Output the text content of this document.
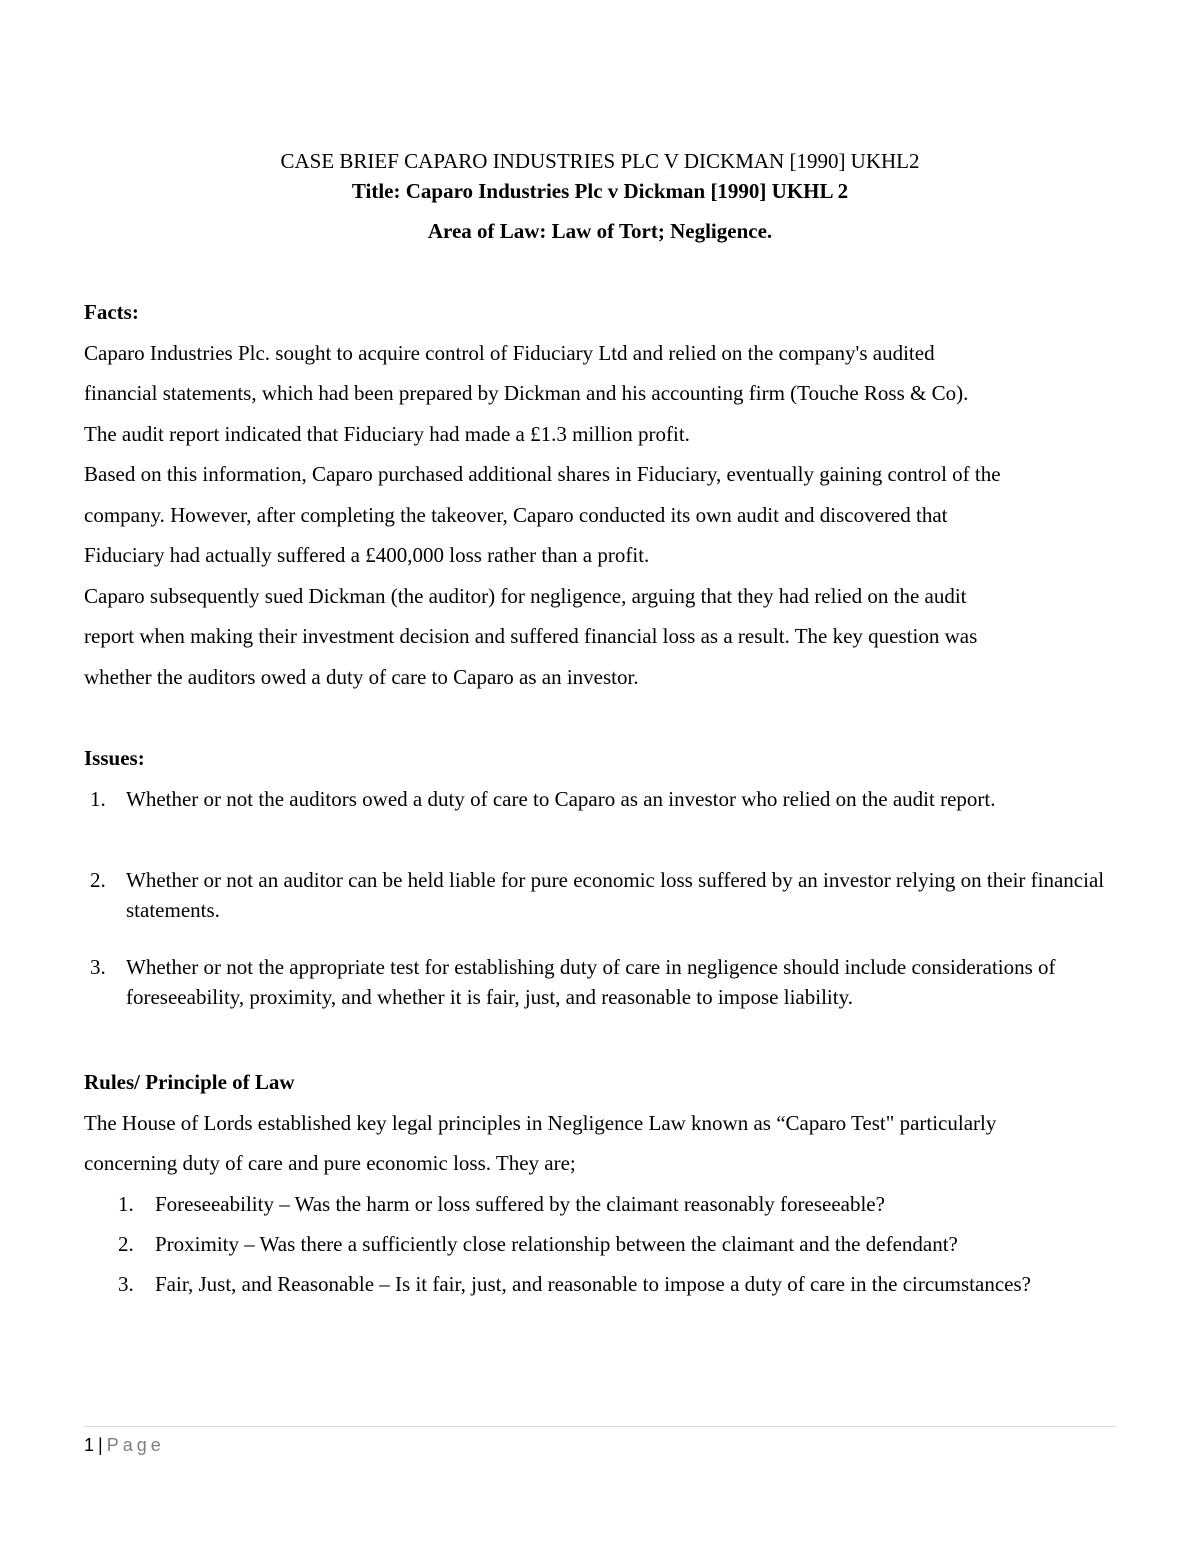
CASE BRIEF CAPARO INDUSTRIES PLC V DICKMAN [1990] UKHL2
Title: Caparo Industries Plc v Dickman [1990] UKHL 2
Area of Law: Law of Tort; Negligence.
Facts:
Caparo Industries Plc. sought to acquire control of Fiduciary Ltd and relied on the company's audited
financial statements, which had been prepared by Dickman and his accounting firm (Touche Ross & Co).
The audit report indicated that Fiduciary had made a £1.3 million profit.
Based on this information, Caparo purchased additional shares in Fiduciary, eventually gaining control of the
company. However, after completing the takeover, Caparo conducted its own audit and discovered that
Fiduciary had actually suffered a £400,000 loss rather than a profit.
Caparo subsequently sued Dickman (the auditor) for negligence, arguing that they had relied on the audit
report when making their investment decision and suffered financial loss as a result. The key question was
whether the auditors owed a duty of care to Caparo as an investor.
Issues:
1. Whether or not the auditors owed a duty of care to Caparo as an investor who relied on the audit report.
2. Whether or not an auditor can be held liable for pure economic loss suffered by an investor relying on their financial statements.
3. Whether or not the appropriate test for establishing duty of care in negligence should include considerations of foreseeability, proximity, and whether it is fair, just, and reasonable to impose liability.
Rules/ Principle of Law
The House of Lords established key legal principles in Negligence Law known as “Caparo Test" particularly
concerning duty of care and pure economic loss. They are;
1. Foreseeability – Was the harm or loss suffered by the claimant reasonably foreseeable?
2. Proximity – Was there a sufficiently close relationship between the claimant and the defendant?
3. Fair, Just, and Reasonable – Is it fair, just, and reasonable to impose a duty of care in the circumstances?
1 | Page
